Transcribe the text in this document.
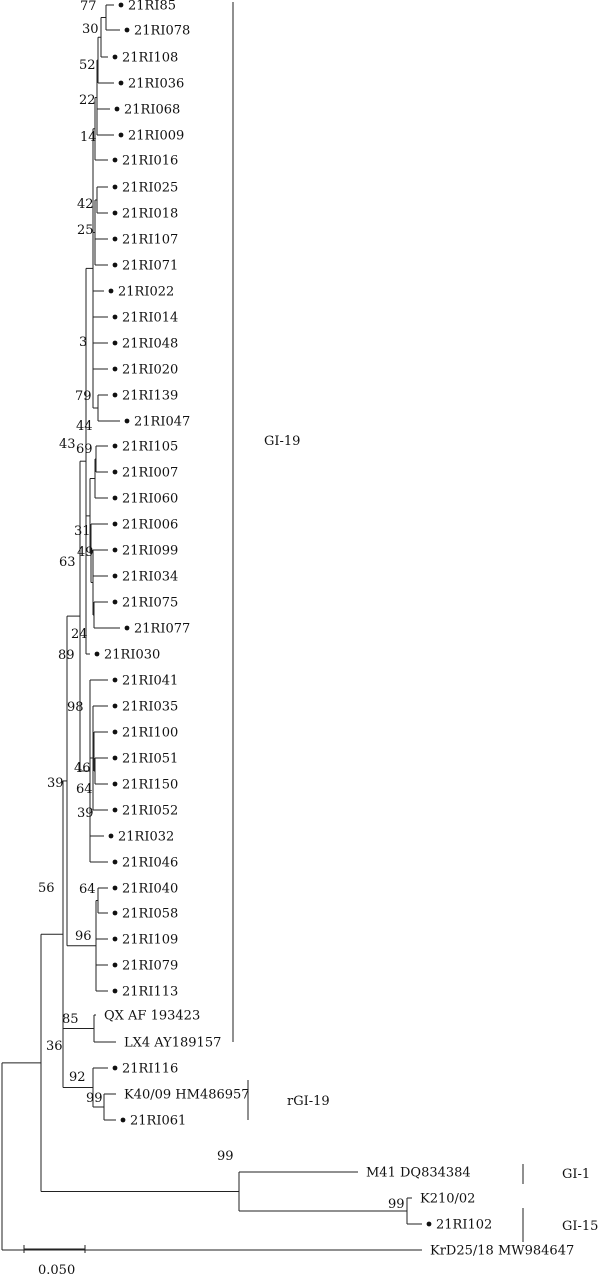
21RI85
21RI078
21RI108
21RI036
21RI068
21RI009
21RI016
21RI025
21RI018
21RI107
21RI071
21RI022
21RI014
21RI048
21RI020
21RI139
21RI047
21RI105
21RI007
21RI060
21RI006
21RI099
21RI034
21RI075
21RI077
21RI030
21RI041
21RI035
21RI100
21RI051
21RI150
21RI052
21RI032
21RI046
21RI040
21RI058
21RI109
21RI079
21RI113
QX AF 193423
LX4 AY189157
21RI116
K40/09 HM486957
21RI061
M41 DQ834384
K210/02
21RI102
KrD25/18 MW984647
77
30
52
22
14
42
25
3
79
44
43 69
31
49
63
24
89
98
46
64
39
39
64
96
56
85
36
92
99
99
99
GI-19
rGI-19
GI-1
GI-15
0.050
